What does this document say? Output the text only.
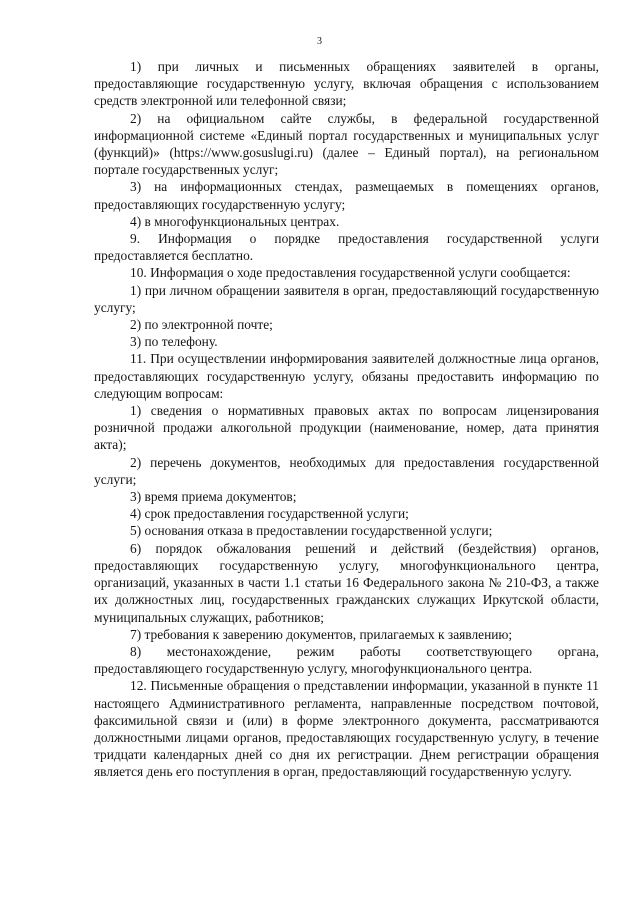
3

1) при личных и письменных обращениях заявителей в органы, предоставляющие государственную услугу, включая обращения с использованием средств электронной или телефонной связи;

2) на официальном сайте службы, в федеральной государственной информационной системе «Единый портал государственных и муниципальных услуг (функций)» (https://www.gosuslugi.ru) (далее – Единый портал), на региональном портале государственных услуг;

3) на информационных стендах, размещаемых в помещениях органов, предоставляющих государственную услугу;

4) в многофункциональных центрах.

9. Информация о порядке предоставления государственной услуги предоставляется бесплатно.

10. Информация о ходе предоставления государственной услуги сообщается:

1) при личном обращении заявителя в орган, предоставляющий государственную услугу;

2) по электронной почте;

3) по телефону.

11. При осуществлении информирования заявителей должностные лица органов, предоставляющих государственную услугу, обязаны предоставить информацию по следующим вопросам:

1) сведения о нормативных правовых актах по вопросам лицензирования розничной продажи алкогольной продукции (наименование, номер, дата принятия акта);

2) перечень документов, необходимых для предоставления государственной услуги;

3) время приема документов;

4) срок предоставления государственной услуги;

5) основания отказа в предоставлении государственной услуги;

6) порядок обжалования решений и действий (бездействия) органов, предоставляющих государственную услугу, многофункционального центра, организаций, указанных в части 1.1 статьи 16 Федерального закона № 210-ФЗ, а также их должностных лиц, государственных гражданских служащих Иркутской области, муниципальных служащих, работников;

7) требования к заверению документов, прилагаемых к заявлению;

8) местонахождение, режим работы соответствующего органа, предоставляющего государственную услугу, многофункционального центра.

12. Письменные обращения о представлении информации, указанной в пункте 11 настоящего Административного регламента, направленные посредством почтовой, факсимильной связи и (или) в форме электронного документа, рассматриваются должностными лицами органов, предоставляющих государственную услугу, в течение тридцати календарных дней со дня их регистрации. Днем регистрации обращения является день его поступления в орган, предоставляющий государственную услугу.
